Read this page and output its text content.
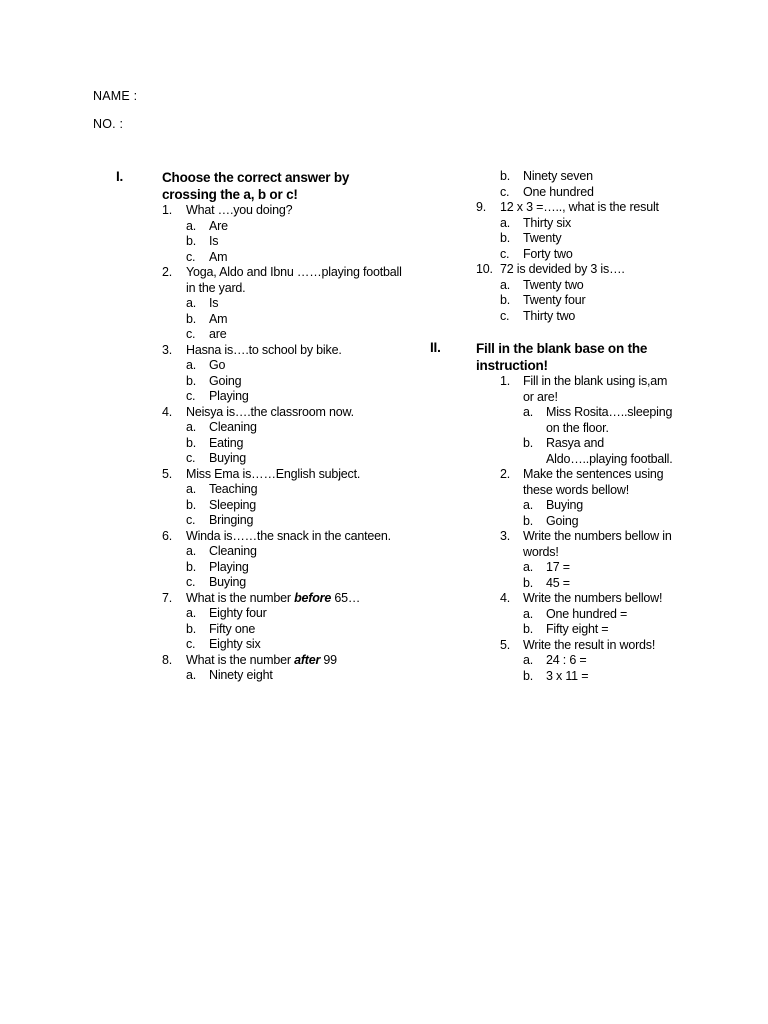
NAME :
NO. :
I.	Choose the correct answer by crossing the a, b or c!
1. What ….you doing?
a. Are
b. Is
c. Am
2. Yoga, Aldo and Ibnu ……playing football in the yard.
a. Is
b. Am
c. are
3. Hasna is….to school by bike.
a. Go
b. Going
c. Playing
4. Neisya is….the classroom now.
a. Cleaning
b. Eating
c. Buying
5. Miss Ema is……English subject.
a. Teaching
b. Sleeping
c. Bringing
6. Winda is……the snack in the canteen.
a. Cleaning
b. Playing
c. Buying
7. What is the number before 65…
a. Eighty four
b. Fifty one
c. Eighty six
8. What is the number after 99
a. Ninety eight
b. Ninety seven
c. One hundred
9. 12 x 3 =….., what is the result
a. Thirty six
b. Twenty
c. Forty two
10. 72 is devided by 3 is….
a. Twenty two
b. Twenty four
c. Thirty two
II.	Fill in the blank base on the instruction!
1. Fill in the blank using is,am or are!
a. Miss Rosita…..sleeping on the floor.
b. Rasya and Aldo…..playing football.
2. Make the sentences using these words bellow!
a. Buying
b. Going
3. Write the numbers bellow in words!
a. 17 =
b. 45 =
4. Write the numbers bellow!
a. One hundred =
b. Fifty eight =
5. Write the result in words!
a. 24 : 6 =
b. 3 x 11 =
